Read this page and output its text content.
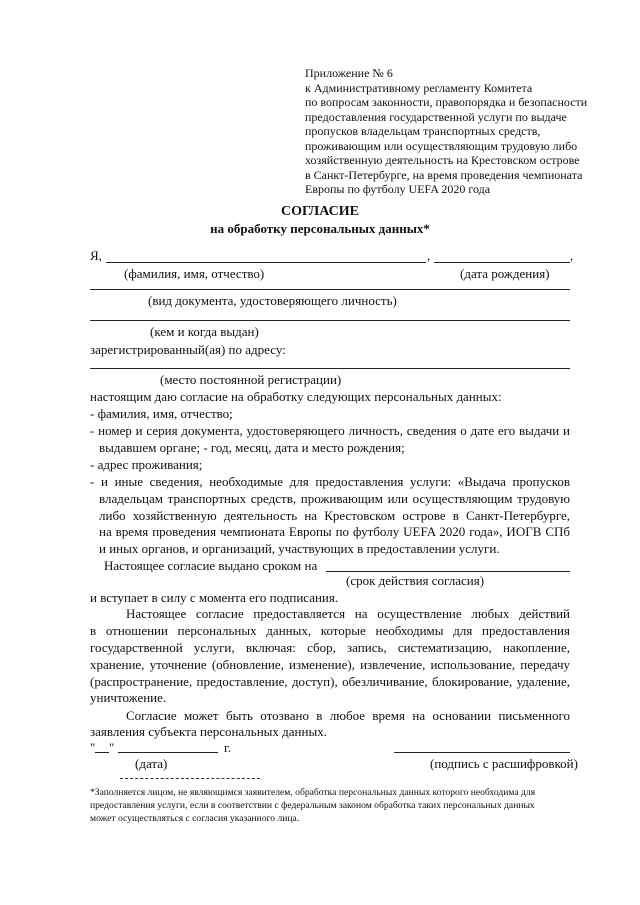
Приложение № 6
к Административному регламенту Комитета
по вопросам законности, правопорядка и безопасности
предоставления государственной услуги по выдаче
пропусков владельцам транспортных средств,
проживающим или осуществляющим трудовую либо
хозяйственную деятельность на Крестовском острове
в Санкт-Петербурге, на время проведения чемпионата
Европы по футболу UEFA 2020 года
СОГЛАСИЕ
на обработку персональных данных*
Я,	,	,
(фамилия, имя, отчество)	(дата рождения)
(вид документа, удостоверяющего личность)
(кем и когда выдан)
зарегистрированный(ая) по адресу:
(место постоянной регистрации)
настоящим даю согласие на обработку следующих персональных данных:
- фамилия, имя, отчество;
- номер и серия документа, удостоверяющего личность, сведения о дате его выдачи и
выдавшем органе; - год, месяц, дата и место рождения;
- адрес проживания;
- и иные сведения, необходимые для предоставления услуги: «Выдача пропусков
владельцам транспортных средств, проживающим или осуществляющим трудовую
либо хозяйственную деятельность на Крестовском острове в Санкт-Петербурге,
на время проведения чемпионата Европы по футболу UEFA 2020 года», ИОГВ СПб
и иных органов, и организаций, участвующих в предоставлении услуги.
Настоящее согласие выдано сроком на
(срок действия согласия)
и вступает в силу с момента его подписания.
Настоящее согласие предоставляется на осуществление любых действий
в отношении персональных данных, которые необходимы для предоставления
государственной услуги, включая: сбор, запись, систематизацию, накопление,
хранение, уточнение (обновление, изменение), извлечение, использование, передачу
(распространение, предоставление, доступ), обезличивание, блокирование, удаление,
уничтожение.
Согласие может быть отозвано в любое время на основании письменного
заявления субъекта персональных данных.
" "	г.
(дата)	(подпись с расшифровкой)
*Заполняется лицом, не являющимся заявителем, обработка персональных данных которого необходима для
предоставления услуги, если в соответствии с федеральным законом обработка таких персональных данных
может осуществляться с согласия указанного лица.
